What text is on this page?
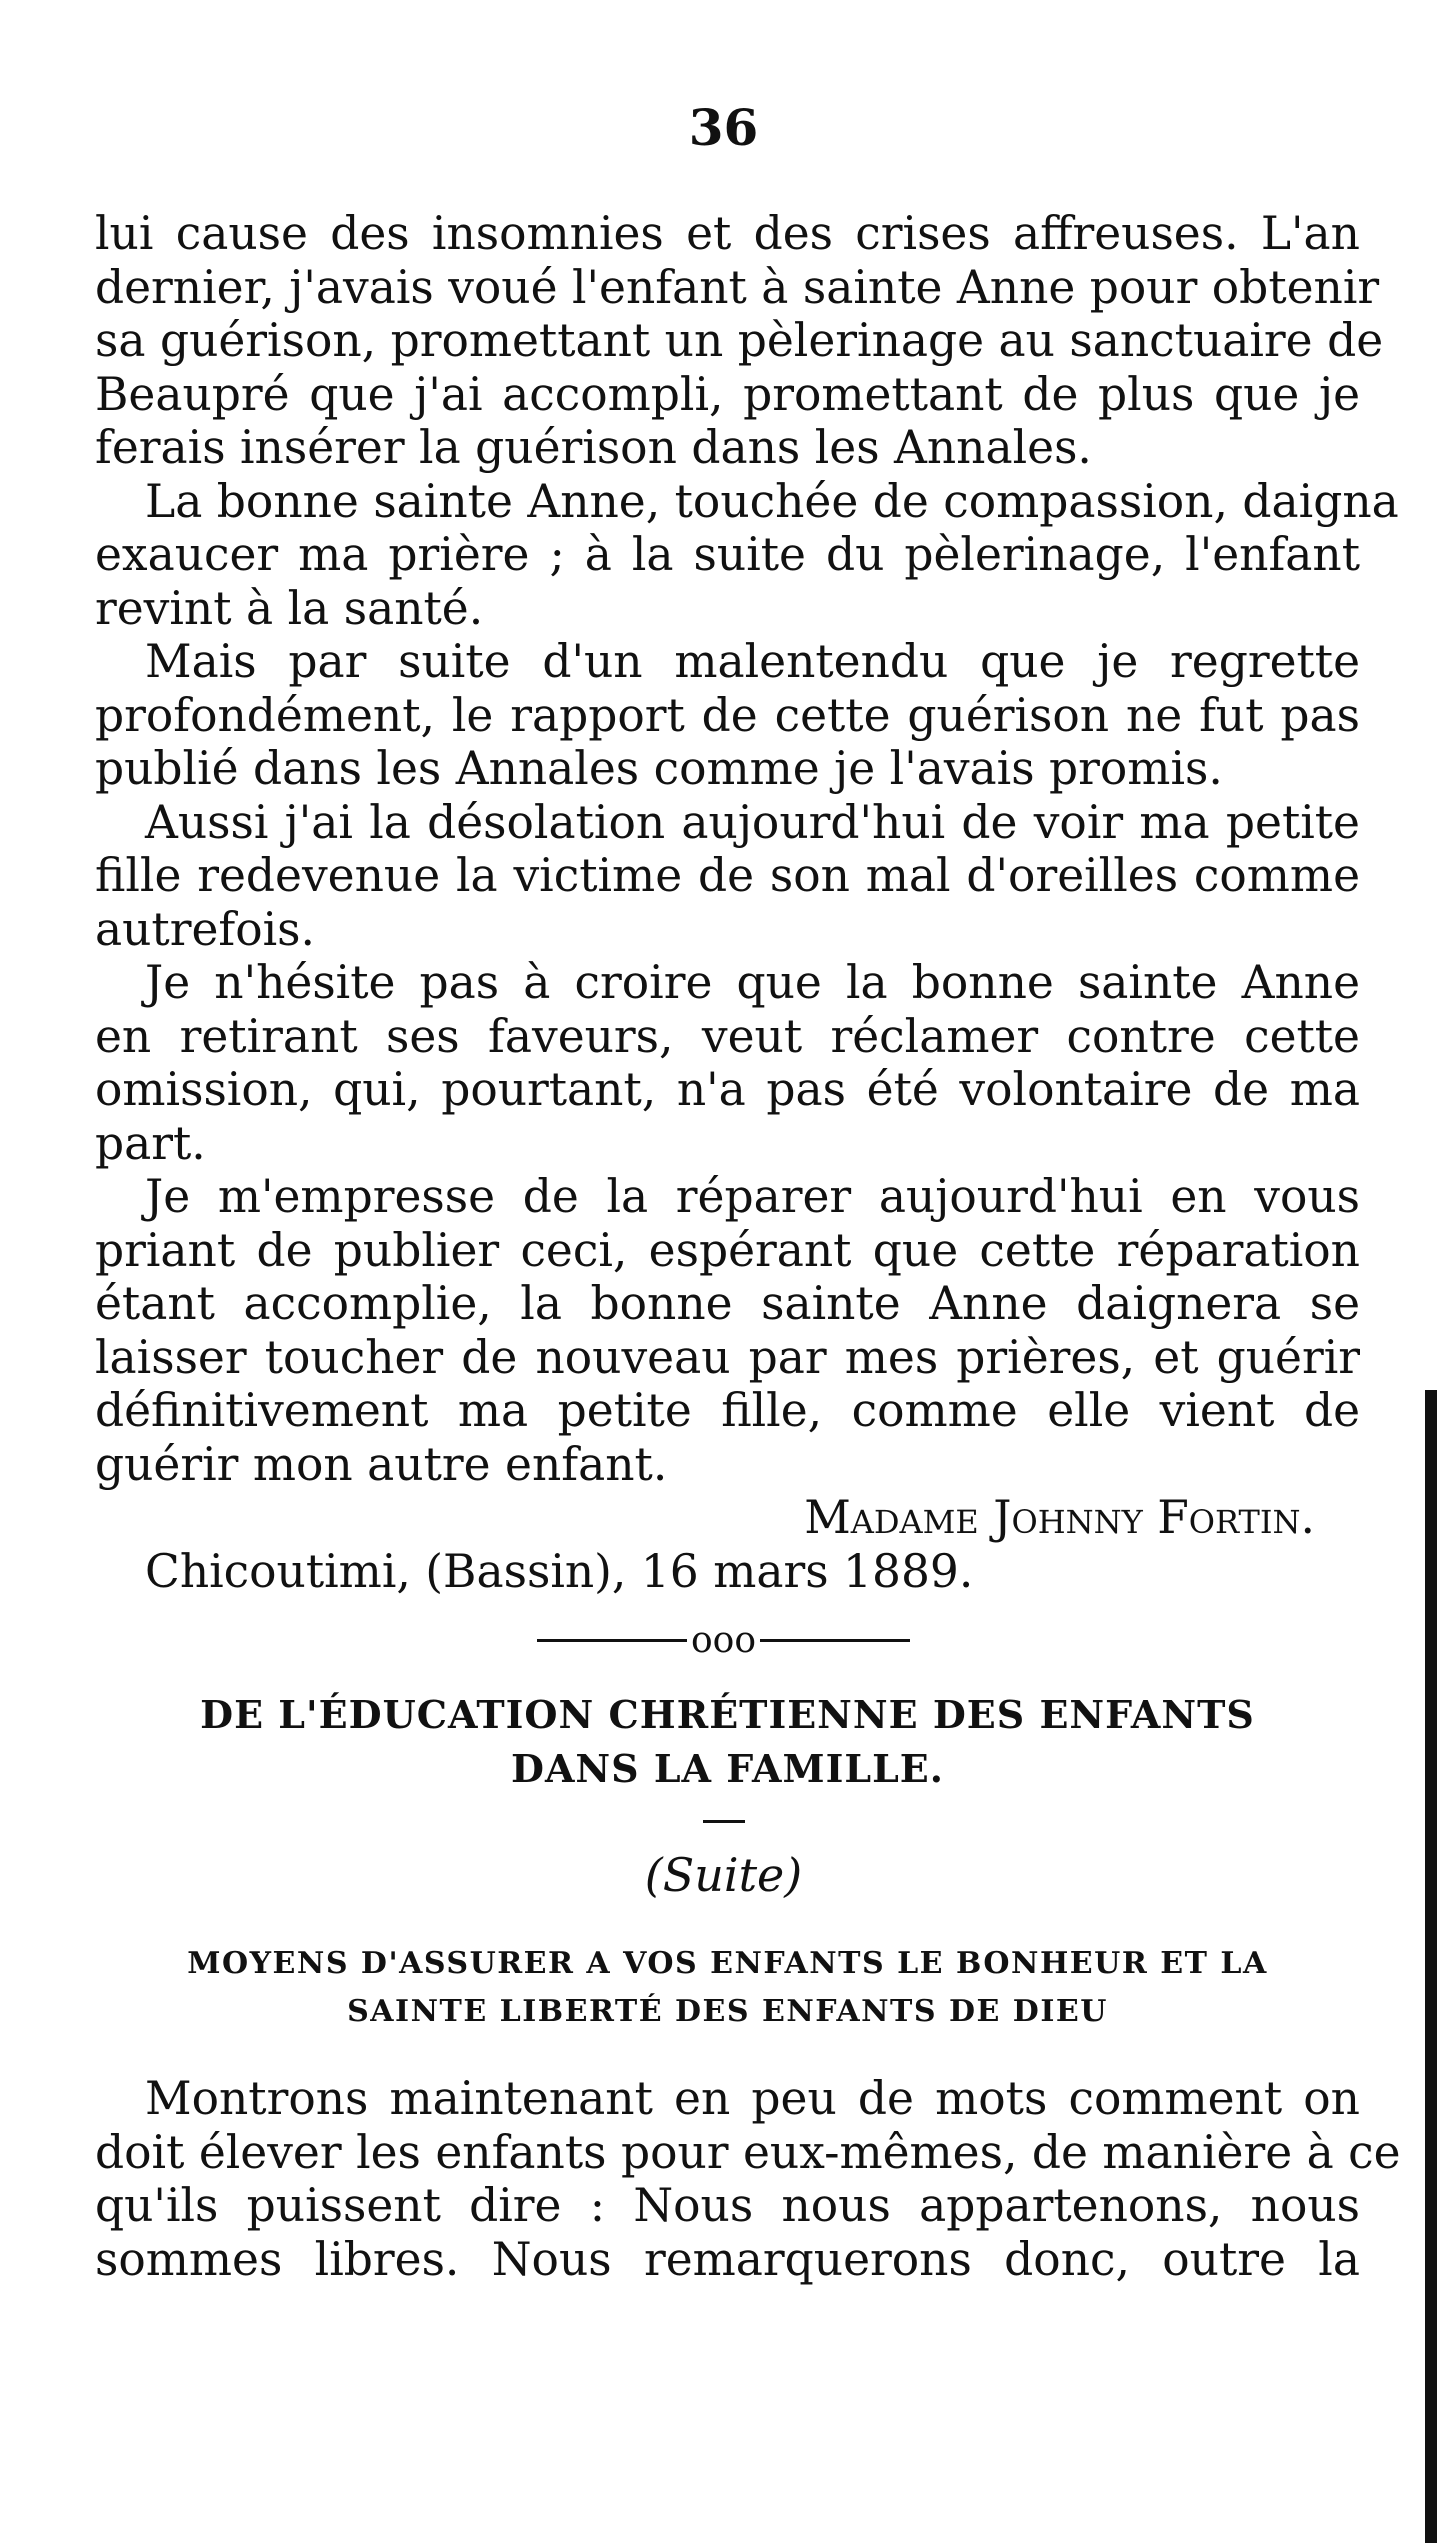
36
lui cause des insomnies et des crises affreuses. L'an
dernier, j'avais voué l'enfant à sainte Anne pour obtenir
sa guérison, promettant un pèlerinage au sanctuaire de
Beaupré que j'ai accompli, promettant de plus que je
ferais insérer la guérison dans les Annales.
La bonne sainte Anne, touchée de compassion, daigna
exaucer ma prière ; à la suite du pèlerinage, l'enfant
revint à la santé.
Mais par suite d'un malentendu que je regrette
profondément, le rapport de cette guérison ne fut pas
publié dans les Annales comme je l'avais promis.
Aussi j'ai la désolation aujourd'hui de voir ma petite
fille redevenue la victime de son mal d'oreilles comme
autrefois.
Je n'hésite pas à croire que la bonne sainte Anne
en retirant ses faveurs, veut réclamer contre cette
omission, qui, pourtant, n'a pas été volontaire de ma
part.
Je m'empresse de la réparer aujourd'hui en vous
priant de publier ceci, espérant que cette réparation
étant accomplie, la bonne sainte Anne daignera se
laisser toucher de nouveau par mes prières, et guérir
définitivement ma petite fille, comme elle vient de
guérir mon autre enfant.
Madame Johnny Fortin.
Chicoutimi, (Bassin), 16 mars 1889.
ooo
DE L'ÉDUCATION CHRÉTIENNE DES ENFANTS
DANS LA FAMILLE.
(Suite)
MOYENS D'ASSURER A VOS ENFANTS LE BONHEUR ET LA
SAINTE LIBERTÉ DES ENFANTS DE DIEU
Montrons maintenant en peu de mots comment on
doit élever les enfants pour eux-mêmes, de manière à ce
qu'ils puissent dire : Nous nous appartenons, nous
sommes libres. Nous remarquerons donc, outre la
